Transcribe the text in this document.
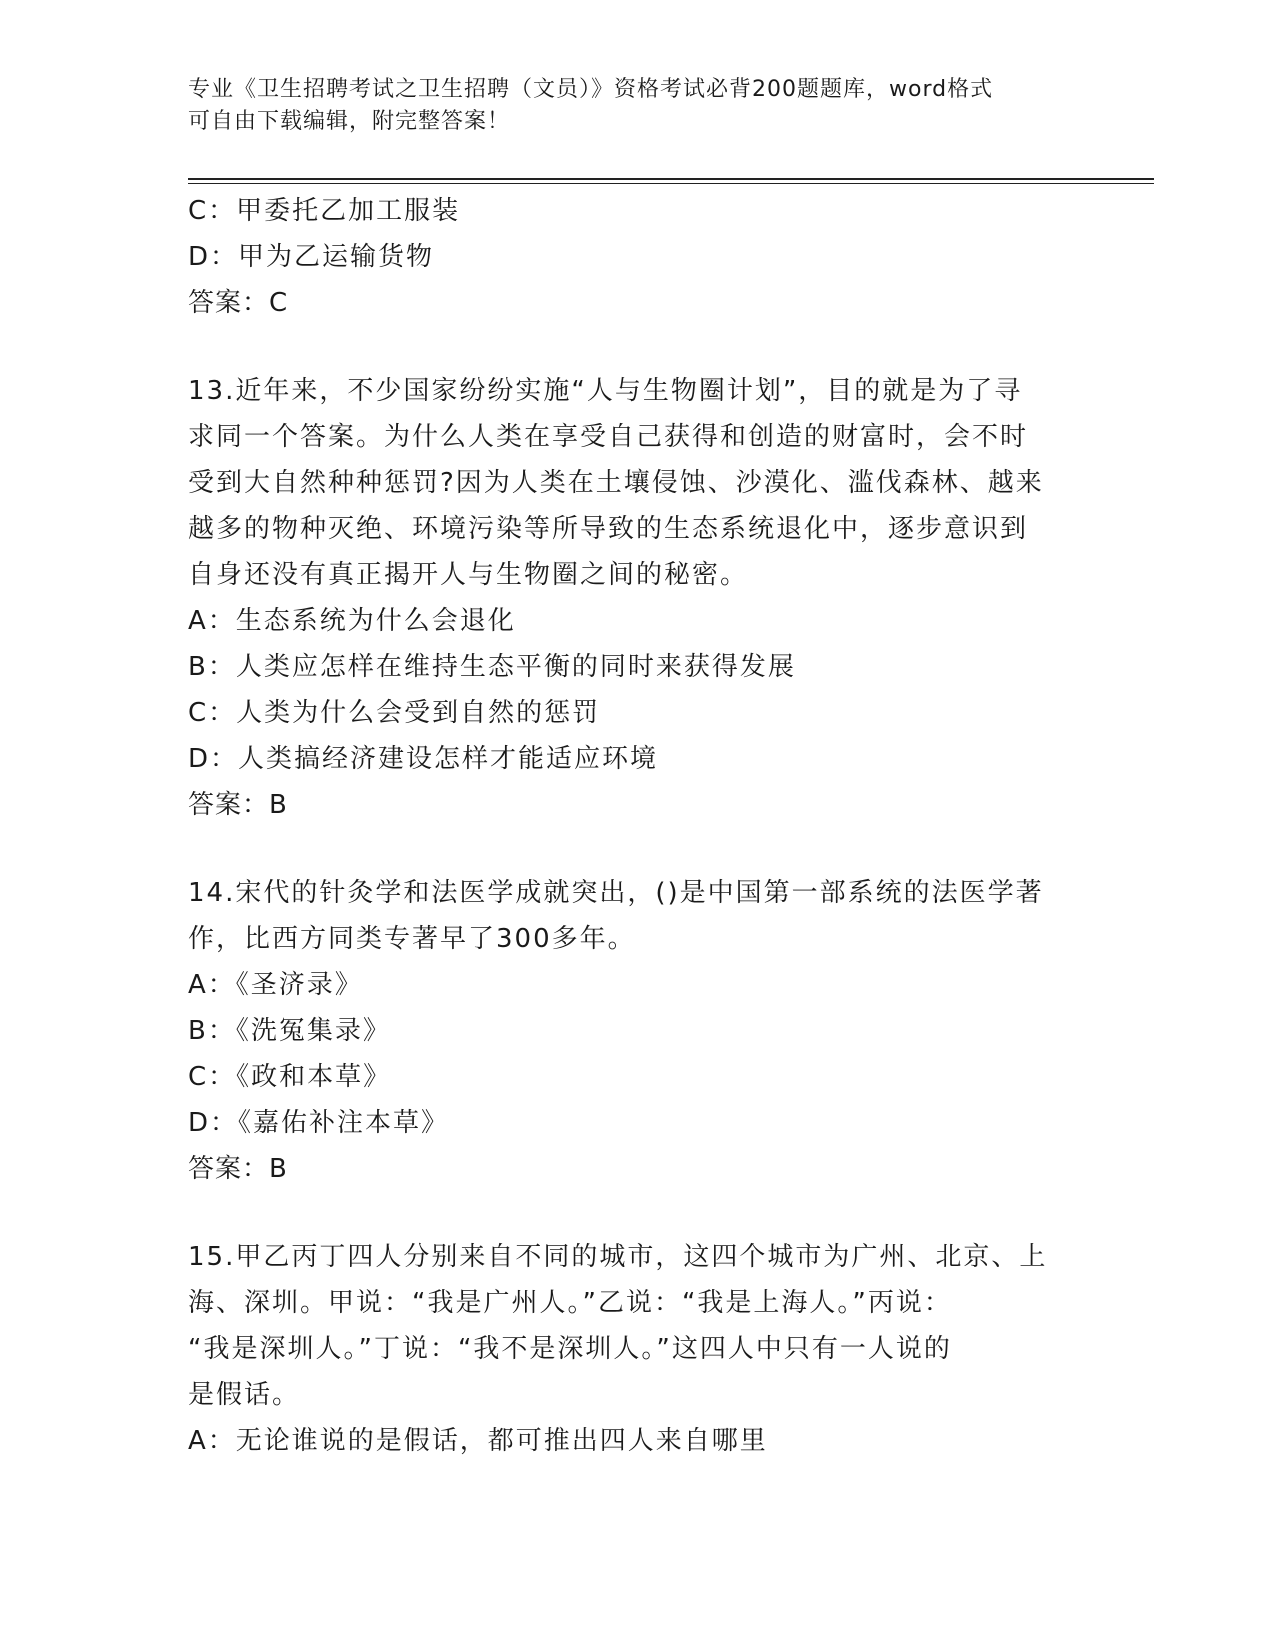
专业《卫生招聘考试之卫生招聘（文员）》资格考试必背200题题库，word格式
可自由下载编辑，附完整答案！

C：甲委托乙加工服装

D：甲为乙运输货物

答案：C

13.近年来，不少国家纷纷实施“人与生物圈计划”，目的就是为了寻

求同一个答案。为什么人类在享受自己获得和创造的财富时，会不时

受到大自然种种惩罚?因为人类在土壤侵蚀、沙漠化、滥伐森林、越来

越多的物种灭绝、环境污染等所导致的生态系统退化中，逐步意识到

自身还没有真正揭开人与生物圈之间的秘密。

A：生态系统为什么会退化

B：人类应怎样在维持生态平衡的同时来获得发展

C：人类为什么会受到自然的惩罚

D：人类搞经济建设怎样才能适应环境

答案：B

14.宋代的针灸学和法医学成就突出，()是中国第一部系统的法医学著

作，比西方同类专著早了300多年。

A：《圣济录》

B：《洗冤集录》

C：《政和本草》

D：《嘉佑补注本草》

答案：B

15.甲乙丙丁四人分别来自不同的城市，这四个城市为广州、北京、上

海、深圳。甲说：“我是广州人。”乙说：“我是上海人。”丙说：

“我是深圳人。”丁说：“我不是深圳人。”这四人中只有一人说的

是假话。

A：无论谁说的是假话，都可推出四人来自哪里
